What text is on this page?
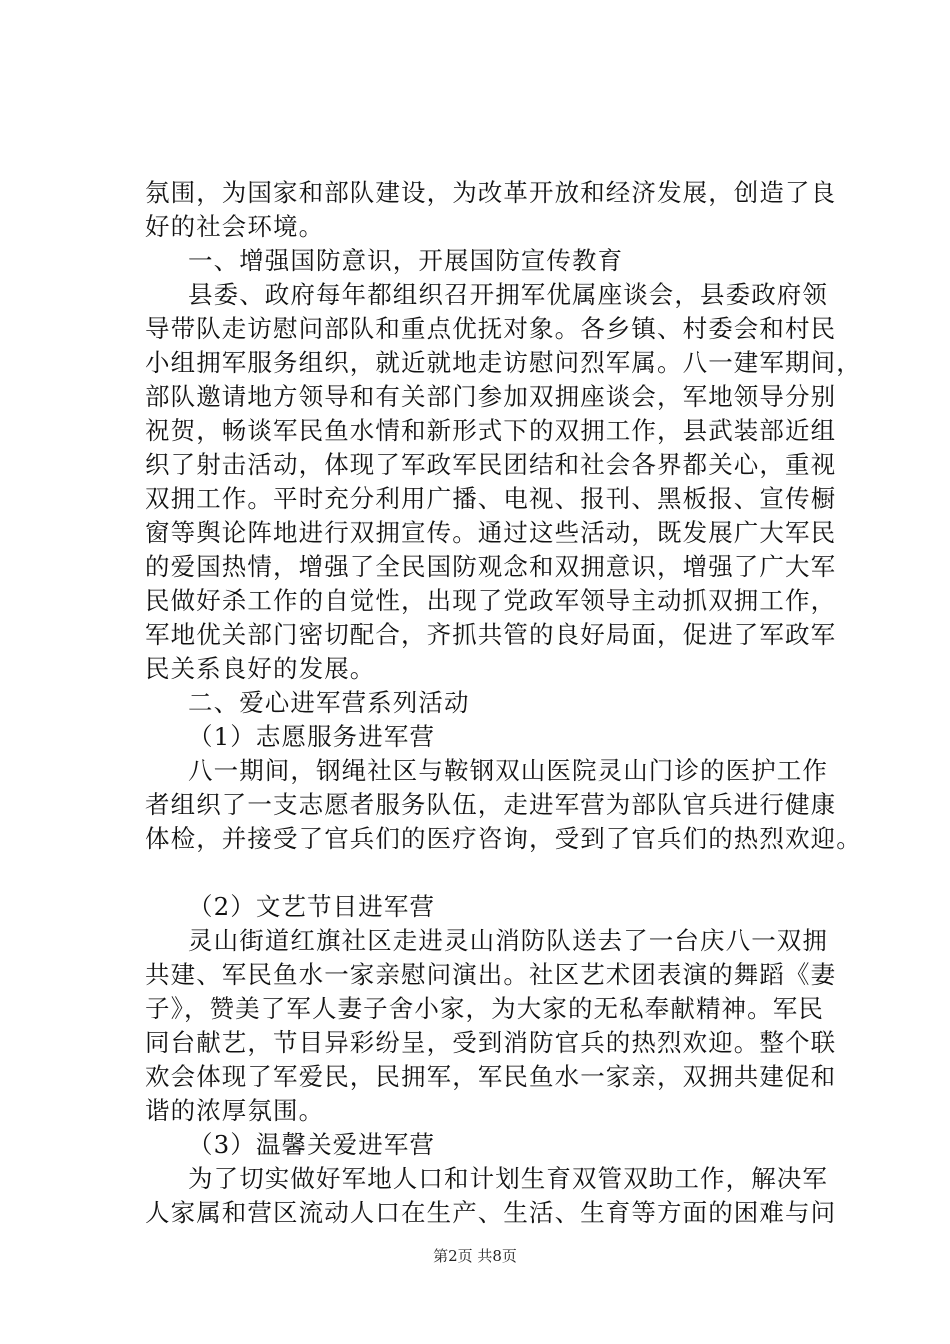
氛围，为国家和部队建设，为改革开放和经济发展，创造了良
好的社会环境。
一、增强国防意识，开展国防宣传教育
县委、政府每年都组织召开拥军优属座谈会，县委政府领
导带队走访慰问部队和重点优抚对象。各乡镇、村委会和村民
小组拥军服务组织，就近就地走访慰问烈军属。八一建军期间，
部队邀请地方领导和有关部门参加双拥座谈会，军地领导分别
祝贺，畅谈军民鱼水情和新形式下的双拥工作，县武装部近组
织了射击活动，体现了军政军民团结和社会各界都关心，重视
双拥工作。平时充分利用广播、电视、报刊、黑板报、宣传橱
窗等舆论阵地进行双拥宣传。通过这些活动，既发展广大军民
的爱国热情，增强了全民国防观念和双拥意识，增强了广大军
民做好杀工作的自觉性，出现了党政军领导主动抓双拥工作，
军地优关部门密切配合，齐抓共管的良好局面，促进了军政军
民关系良好的发展。
二、爱心进军营系列活动
（1）志愿服务进军营
八一期间，钢绳社区与鞍钢双山医院灵山门诊的医护工作
者组织了一支志愿者服务队伍，走进军营为部队官兵进行健康
体检，并接受了官兵们的医疗咨询，受到了官兵们的热烈欢迎。
（2）文艺节目进军营
灵山街道红旗社区走进灵山消防队送去了一台庆八一双拥
共建、军民鱼水一家亲慰问演出。社区艺术团表演的舞蹈《妻
子》，赞美了军人妻子舍小家，为大家的无私奉献精神。军民
同台献艺，节目异彩纷呈，受到消防官兵的热烈欢迎。整个联
欢会体现了军爱民，民拥军，军民鱼水一家亲，双拥共建促和
谐的浓厚氛围。
（3）温馨关爱进军营
为了切实做好军地人口和计划生育双管双助工作，解决军
人家属和营区流动人口在生产、生活、生育等方面的困难与问
第2页 共8页
